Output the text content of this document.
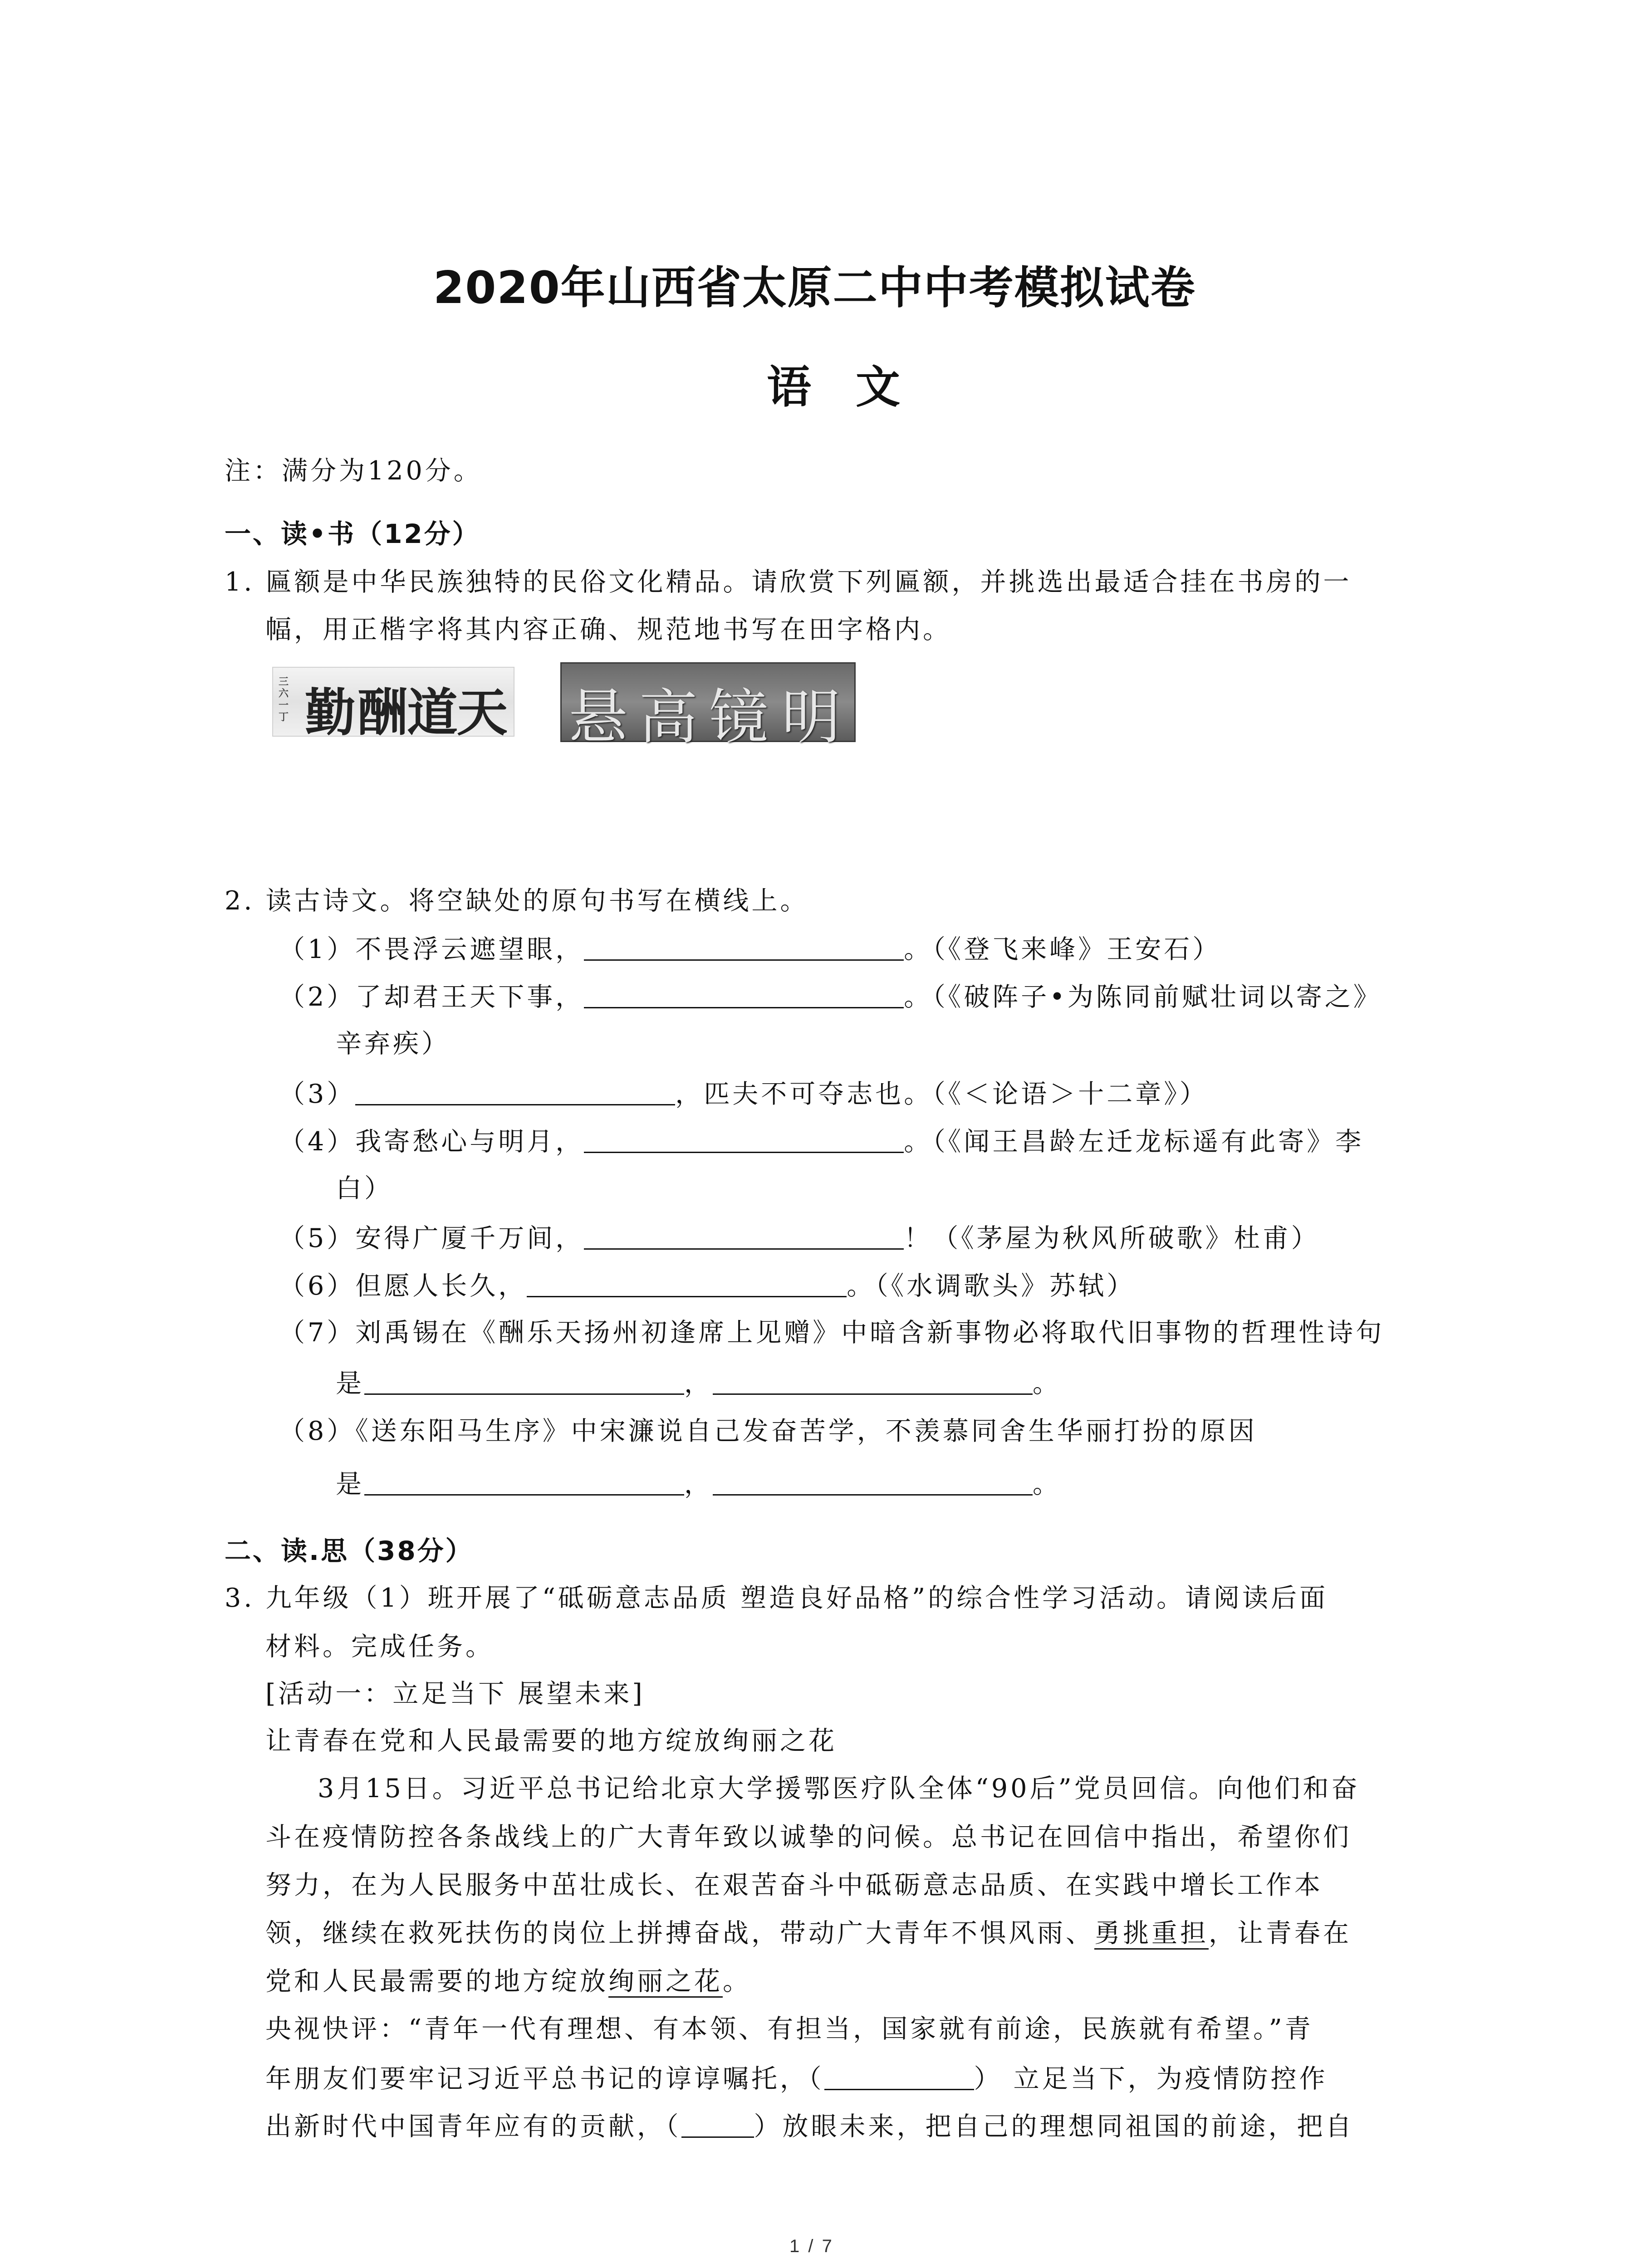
2020年山西省太原二中中考模拟试卷
语　文
注：满分为120分。
一、读•书（12分）
1. 匾额是中华民族独特的民俗文化精品。请欣赏下列匾额，并挑选出最适合挂在书房的一
幅，用正楷字将其内容正确、规范地书写在田字格内。
三六一丁 勤 酬
道
天 悬 高 镜 明
2. 读古诗文。将空缺处的原句书写在横线上。
（1）不畏浮云遮望眼，	。（《登飞来峰》王安石）
（2）了却君王天下事，	。（《破阵子•为陈同前赋壮词以寄之》
辛弃疾）
（3）	，匹夫不可夺志也。（《＜论语＞十二章》）
（4）我寄愁心与明月，	。（《闻王昌龄左迁龙标遥有此寄》李
白）
（5）安得广厦千万间，	！（《茅屋为秋风所破歌》杜甫）
（6）但愿人长久，	。（《水调歌头》苏轼）
（7）刘禹锡在《酬乐天扬州初逢席上见赠》中暗含新事物必将取代旧事物的哲理性诗句
是	，	。
（8）《送东阳马生序》中宋濂说自己发奋苦学，不羡慕同舍生华丽打扮的原因
是	，	。
二、读.思（38分）
3. 九年级（1）班开展了“砥砺意志品质 塑造良好品格”的综合性学习活动。请阅读后面
材料。完成任务。
[活动一：立足当下 展望未来]
让青春在党和人民最需要的地方绽放绚丽之花
3月15日。习近平总书记给北京大学援鄂医疗队全体“90后”党员回信。向他们和奋
斗在疫情防控各条战线上的广大青年致以诚挚的问候。总书记在回信中指出，希望你们
努力，在为人民服务中茁壮成长、在艰苦奋斗中砥砺意志品质、在实践中增长工作本
领，继续在救死扶伤的岗位上拼搏奋战，带动广大青年不惧风雨、勇挑重担，让青春在
党和人民最需要的地方绽放绚丽之花。
央视快评：“青年一代有理想、有本领、有担当，国家就有前途，民族就有希望。”青
年朋友们要牢记习近平总书记的谆谆嘱托，（	） 立足当下，为疫情防控作
出新时代中国青年应有的贡献，（	）放眼未来，把自己的理想同祖国的前途，把自
1 / 7
